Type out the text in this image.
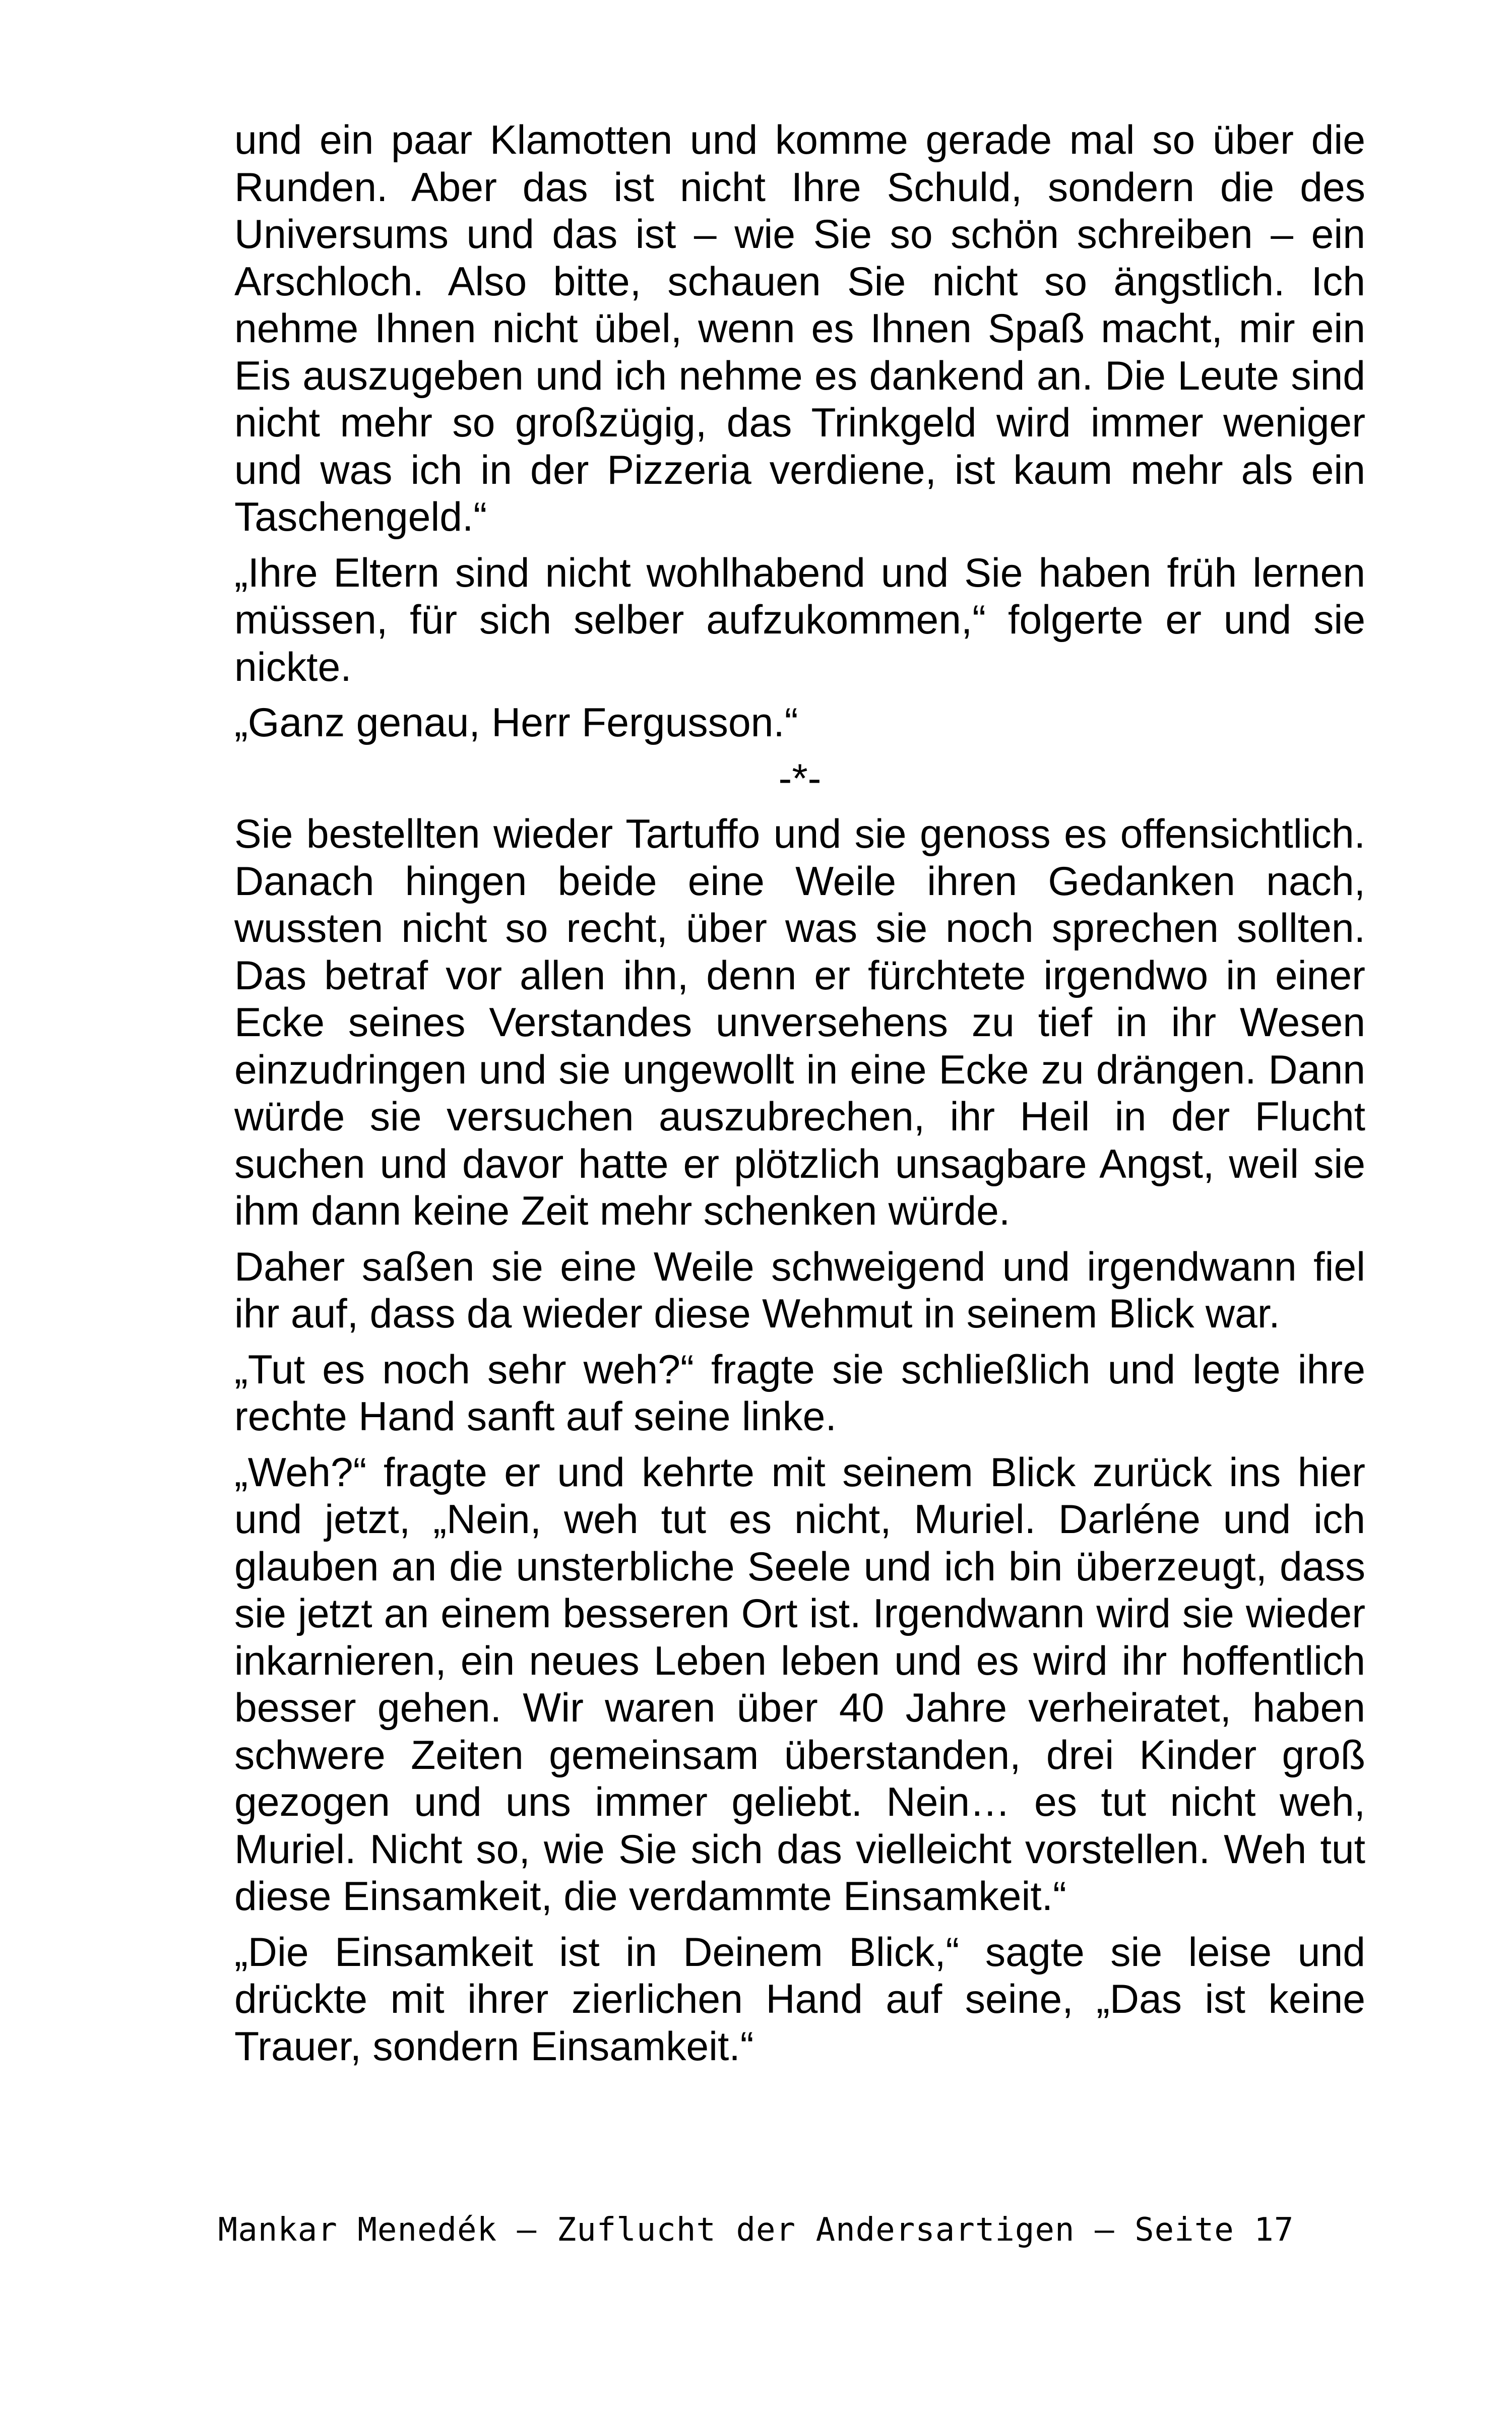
und ein paar Klamotten und komme gerade mal so über die Runden. Aber das ist nicht Ihre Schuld, sondern die des Universums und das ist – wie Sie so schön schreiben – ein Arschloch. Also bitte, schauen Sie nicht so ängstlich. Ich nehme Ihnen nicht übel, wenn es Ihnen Spaß macht, mir ein Eis auszugeben und ich nehme es dankend an. Die Leute sind nicht mehr so großzügig, das Trinkgeld wird immer weniger und was ich in der Pizzeria verdiene, ist kaum mehr als ein Taschengeld.“

„Ihre Eltern sind nicht wohlhabend und Sie haben früh lernen müssen, für sich selber aufzukommen,“ folgerte er und sie nickte.

„Ganz genau, Herr Fergusson.“

-*-

Sie bestellten wieder Tartuffo und sie genoss es offensichtlich. Danach hingen beide eine Weile ihren Gedanken nach, wussten nicht so recht, über was sie noch sprechen sollten. Das betraf vor allen ihn, denn er fürchtete irgendwo in einer Ecke seines Verstandes unversehens zu tief in ihr Wesen einzudringen und sie ungewollt in eine Ecke zu drängen. Dann würde sie versuchen auszubrechen, ihr Heil in der Flucht suchen und davor hatte er plötzlich unsagbare Angst, weil sie ihm dann keine Zeit mehr schenken würde.

Daher saßen sie eine Weile schweigend und irgendwann fiel ihr auf, dass da wieder diese Wehmut in seinem Blick war.

„Tut es noch sehr weh?“ fragte sie schließlich und legte ihre rechte Hand sanft auf seine linke.

„Weh?“ fragte er und kehrte mit seinem Blick zurück ins hier und jetzt, „Nein, weh tut es nicht, Muriel. Darléne und ich glauben an die unsterbliche Seele und ich bin überzeugt, dass sie jetzt an einem besseren Ort ist. Irgendwann wird sie wieder inkarnieren, ein neues Leben leben und es wird ihr hoffentlich besser gehen. Wir waren über 40 Jahre verheiratet, haben schwere Zeiten gemeinsam überstanden, drei Kinder groß gezogen und uns immer geliebt. Nein… es tut nicht weh, Muriel. Nicht so, wie Sie sich das vielleicht vorstellen. Weh tut diese Einsamkeit, die verdammte Einsamkeit.“

„Die Einsamkeit ist in Deinem Blick,“ sagte sie leise und drückte mit ihrer zierlichen Hand auf seine, „Das ist keine Trauer, sondern Einsamkeit.“

Mankar Menedék – Zuflucht der Andersartigen – Seite 17
